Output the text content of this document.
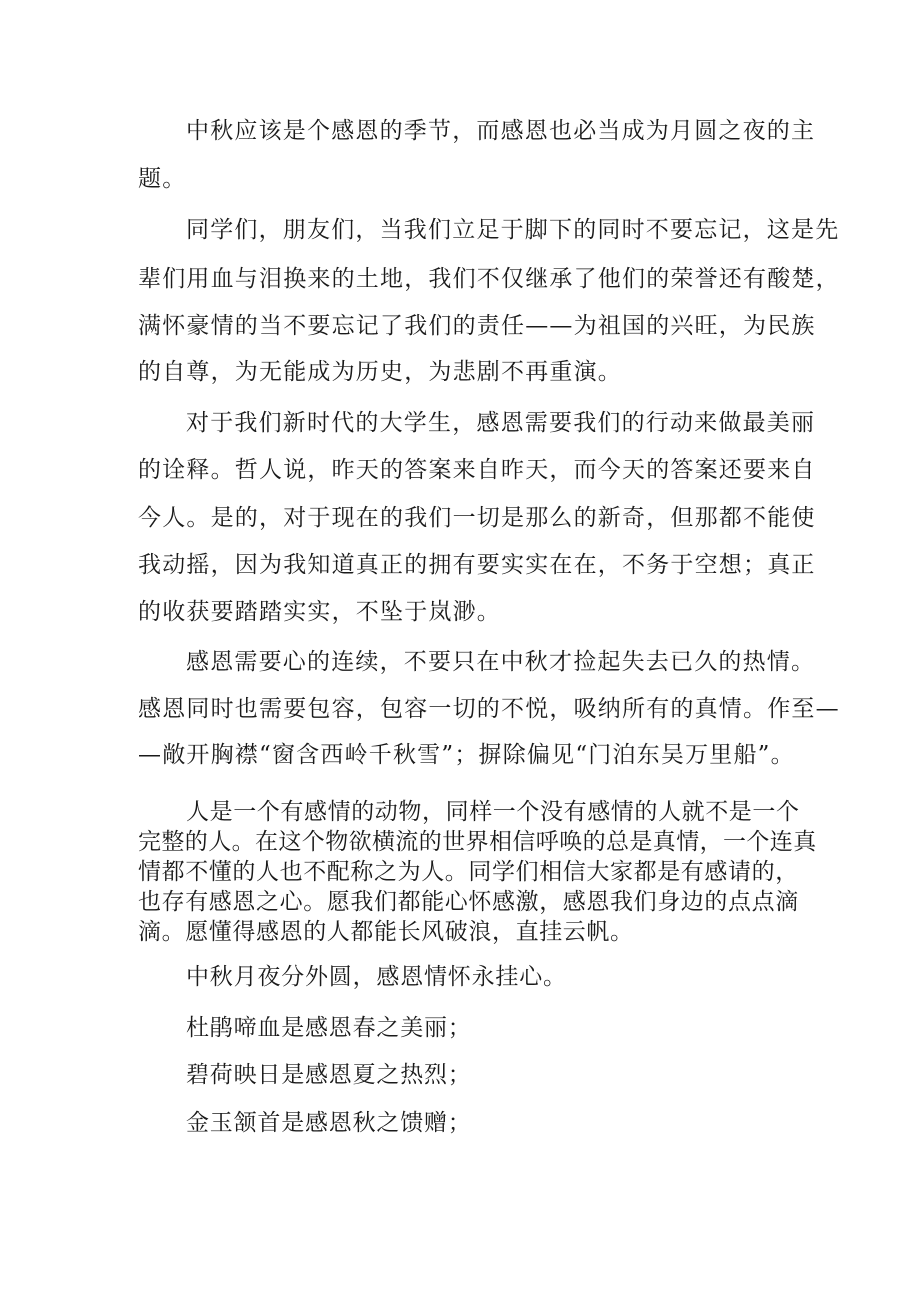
中秋应该是个感恩的季节，而感恩也必当成为月圆之夜的主

题。

同学们，朋友们，当我们立足于脚下的同时不要忘记，这是先

辈们用血与泪换来的土地，我们不仅继承了他们的荣誉还有酸楚，

满怀豪情的当不要忘记了我们的责任——为祖国的兴旺，为民族

的自尊，为无能成为历史，为悲剧不再重演。

对于我们新时代的大学生，感恩需要我们的行动来做最美丽

的诠释。哲人说，昨天的答案来自昨天，而今天的答案还要来自

今人。是的，对于现在的我们一切是那么的新奇，但那都不能使

我动摇，因为我知道真正的拥有要实实在在，不务于空想；真正

的收获要踏踏实实，不坠于岚渺。

感恩需要心的连续，不要只在中秋才捡起失去已久的热情。

感恩同时也需要包容，包容一切的不悦，吸纳所有的真情。作至—

—敞开胸襟“窗含西岭千秋雪”；摒除偏见“门泊东吴万里船”。

人是一个有感情的动物，同样一个没有感情的人就不是一个

完整的人。在这个物欲横流的世界相信呼唤的总是真情，一个连真

情都不懂的人也不配称之为人。同学们相信大家都是有感请的，

也存有感恩之心。愿我们都能心怀感激，感恩我们身边的点点滴

滴。愿懂得感恩的人都能长风破浪，直挂云帆。

中秋月夜分外圆，感恩情怀永挂心。

杜鹃啼血是感恩春之美丽；

碧荷映日是感恩夏之热烈；

金玉颔首是感恩秋之馈赠；
